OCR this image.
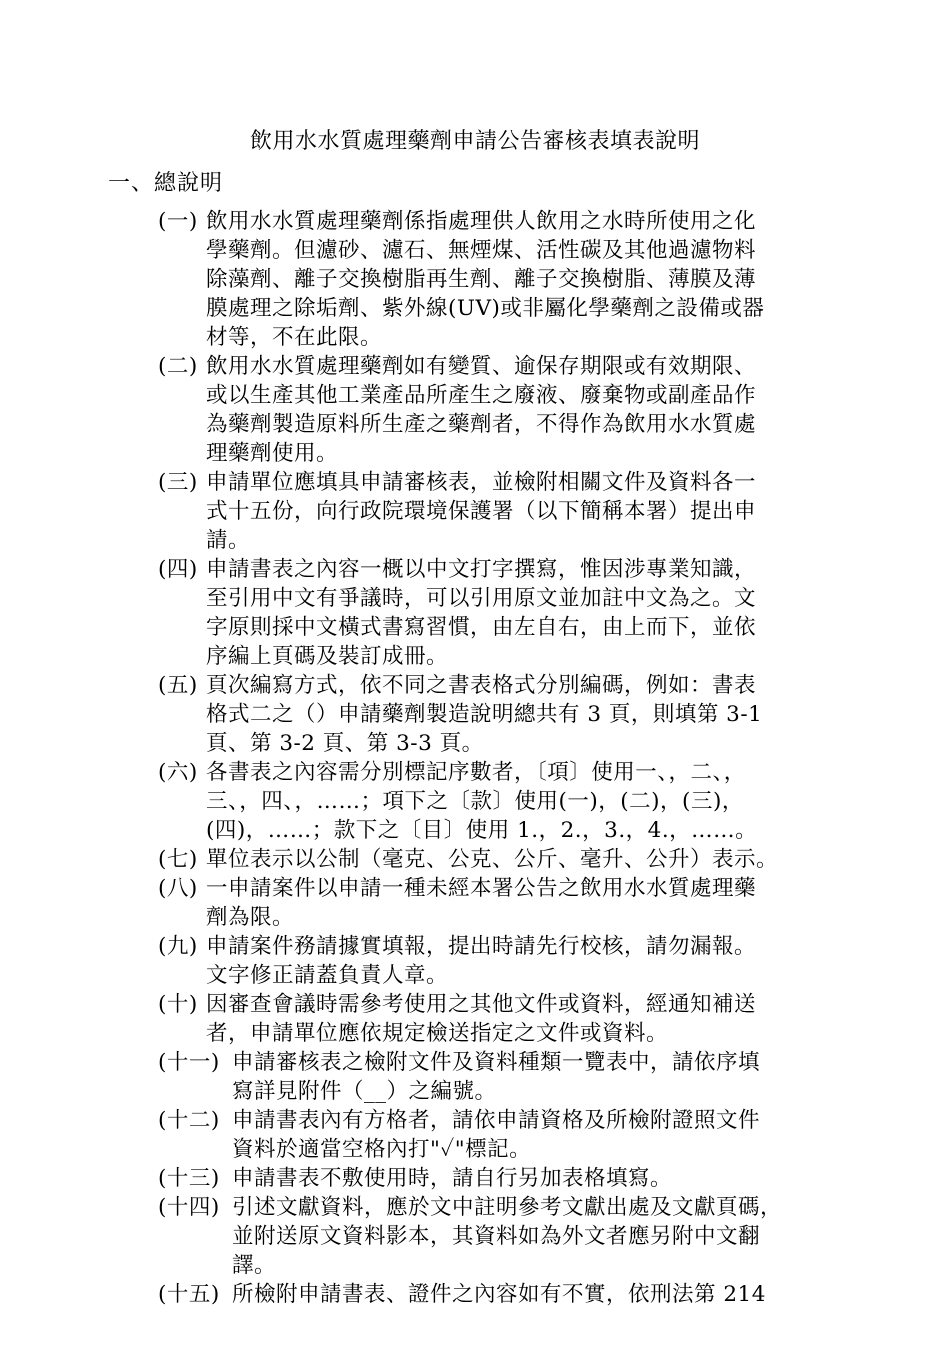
飲用水水質處理藥劑申請公告審核表填表說明
一、總說明
(一) 飲用水水質處理藥劑係指處理供人飲用之水時所使用之化
學藥劑。但濾砂、濾石、無煙煤、活性碳及其他過濾物料
除藻劑、離子交換樹脂再生劑、離子交換樹脂、薄膜及薄
膜處理之除垢劑、紫外線(UV)或非屬化學藥劑之設備或器
材等，不在此限。
(二) 飲用水水質處理藥劑如有變質、逾保存期限或有效期限、
或以生產其他工業產品所產生之廢液、廢棄物或副產品作
為藥劑製造原料所生產之藥劑者，不得作為飲用水水質處
理藥劑使用。
(三) 申請單位應填具申請審核表，並檢附相關文件及資料各一
式十五份，向行政院環境保護署（以下簡稱本署）提出申
請。
(四) 申請書表之內容一概以中文打字撰寫，惟因涉專業知識，
至引用中文有爭議時，可以引用原文並加註中文為之。文
字原則採中文橫式書寫習慣，由左自右，由上而下，並依
序編上頁碼及裝訂成冊。
(五) 頁次編寫方式，依不同之書表格式分別編碼，例如：書表
格式二之（）申請藥劑製造說明總共有 3 頁，則填第 3-1
頁、第 3-2 頁、第 3-3 頁。
(六) 各書表之內容需分別標記序數者，〔項〕使用一、，二、，
三、，四、，……；項下之〔款〕使用(一)，(二)，(三)，
(四)，……；款下之〔目〕使用 1.，2.，3.，4.，……。
(七) 單位表示以公制（毫克、公克、公斤、毫升、公升）表示。
(八) 一申請案件以申請一種未經本署公告之飲用水水質處理藥
劑為限。
(九) 申請案件務請據實填報，提出時請先行校核，請勿漏報。
文字修正請蓋負責人章。
(十) 因審查會議時需參考使用之其他文件或資料，經通知補送
者，申請單位應依規定檢送指定之文件或資料。
(十一) 申請審核表之檢附文件及資料種類一覽表中，請依序填
寫詳見附件（__）之編號。
(十二) 申請書表內有方格者，請依申請資格及所檢附證照文件
資料於適當空格內打"✓"標記。
(十三) 申請書表不敷使用時，請自行另加表格填寫。
(十四) 引述文獻資料，應於文中註明參考文獻出處及文獻頁碼，
並附送原文資料影本，其資料如為外文者應另附中文翻
譯。
(十五) 所檢附申請書表、證件之內容如有不實，依刑法第 214
